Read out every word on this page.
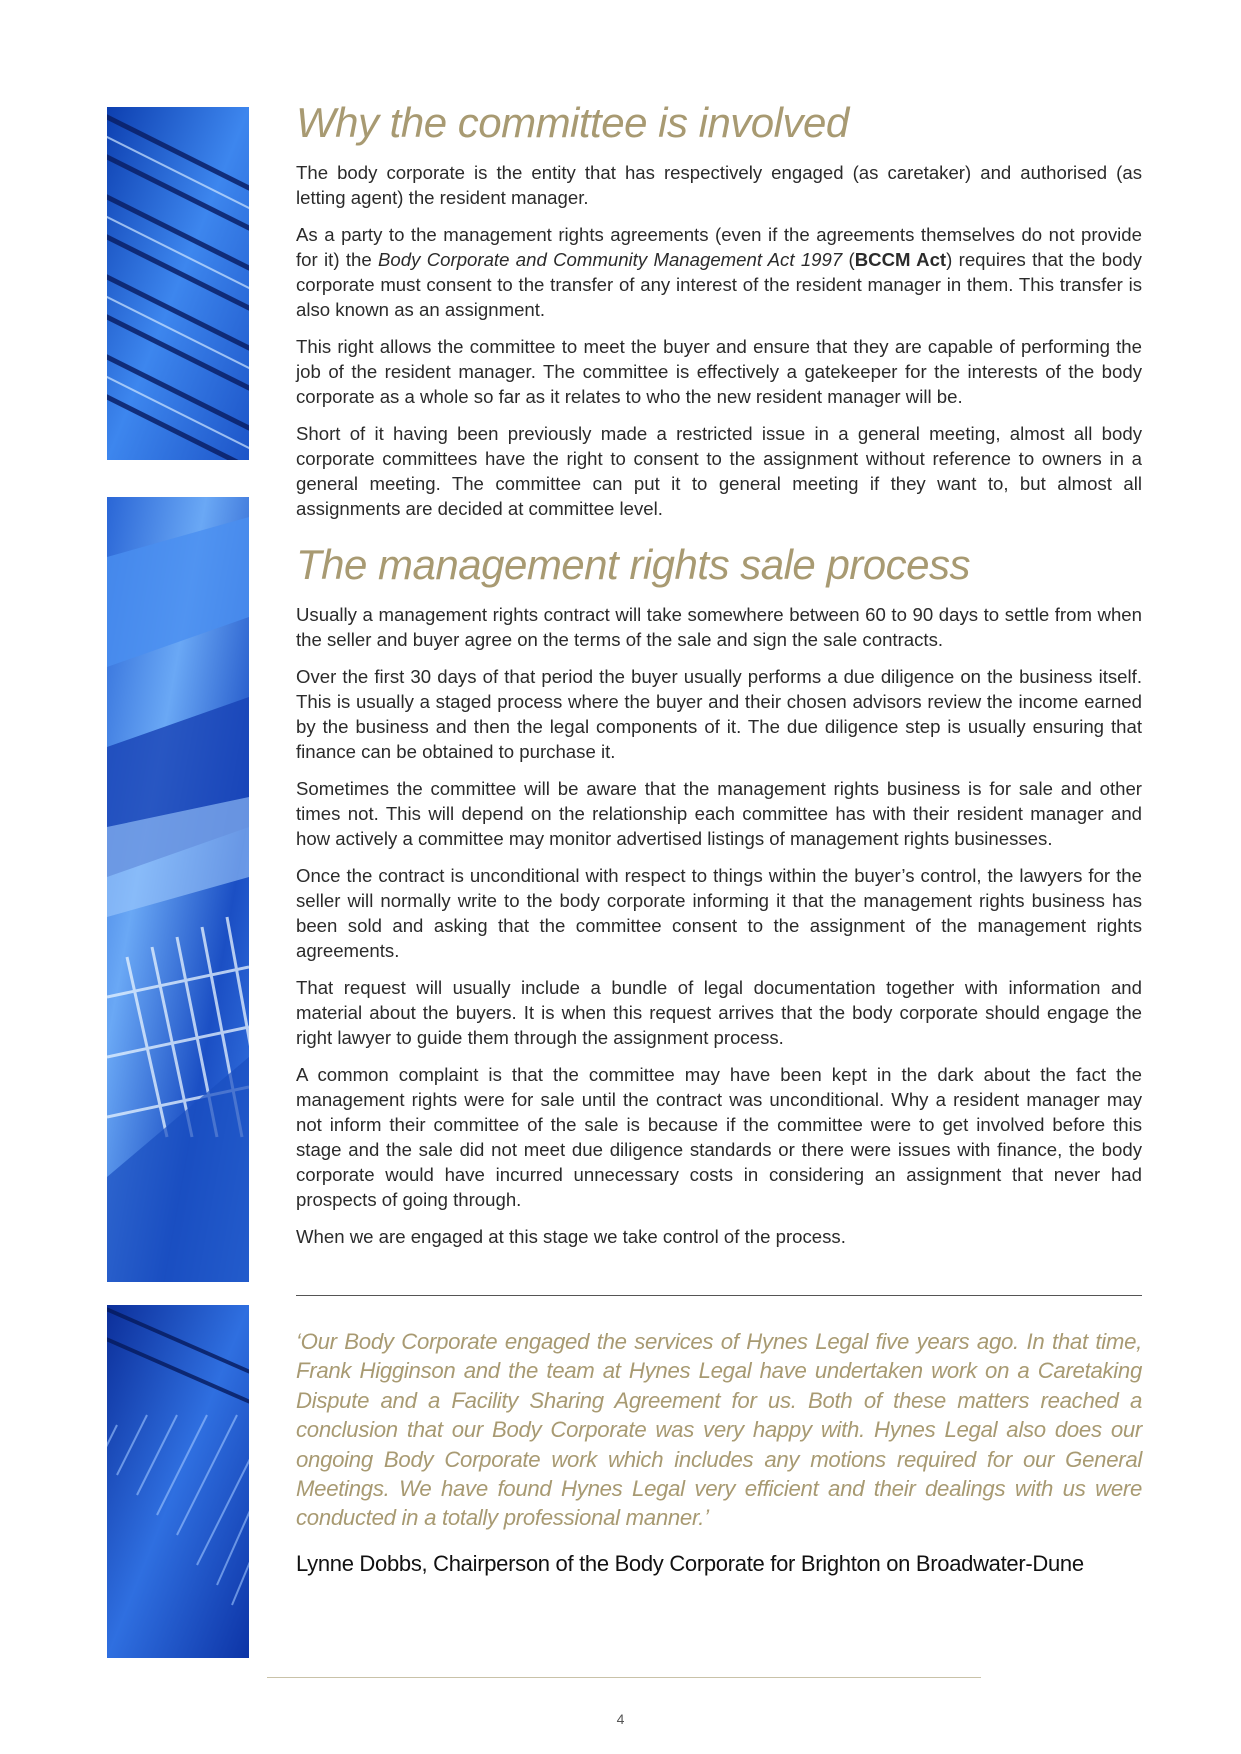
Why the committee is involved

The body corporate is the entity that has respectively engaged (as caretaker) and authorised (as letting agent) the resident manager.

As a party to the management rights agreements (even if the agreements themselves do not provide for it) the Body Corporate and Community Management Act 1997 (BCCM Act) requires that the body corporate must consent to the transfer of any interest of the resident manager in them. This transfer is also known as an assignment.

This right allows the committee to meet the buyer and ensure that they are capable of performing the job of the resident manager. The committee is effectively a gatekeeper for the interests of the body corporate as a whole so far as it relates to who the new resident manager will be.

Short of it having been previously made a restricted issue in a general meeting, almost all body corporate committees have the right to consent to the assignment without reference to owners in a general meeting. The committee can put it to general meeting if they want to, but almost all assignments are decided at committee level.

The management rights sale process

Usually a management rights contract will take somewhere between 60 to 90 days to settle from when the seller and buyer agree on the terms of the sale and sign the sale contracts.

Over the first 30 days of that period the buyer usually performs a due diligence on the business itself. This is usually a staged process where the buyer and their chosen advisors review the income earned by the business and then the legal components of it. The due diligence step is usually ensuring that finance can be obtained to purchase it.

Sometimes the committee will be aware that the management rights business is for sale and other times not. This will depend on the relationship each committee has with their resident manager and how actively a committee may monitor advertised listings of management rights businesses.

Once the contract is unconditional with respect to things within the buyer’s control, the lawyers for the seller will normally write to the body corporate informing it that the management rights business has been sold and asking that the committee consent to the assignment of the management rights agreements.

That request will usually include a bundle of legal documentation together with information and material about the buyers. It is when this request arrives that the body corporate should engage the right lawyer to guide them through the assignment process.

A common complaint is that the committee may have been kept in the dark about the fact the management rights were for sale until the contract was unconditional. Why a resident manager may not inform their committee of the sale is because if the committee were to get involved before this stage and the sale did not meet due diligence standards or there were issues with finance, the body corporate would have incurred unnecessary costs in considering an assignment that never had prospects of going through.

When we are engaged at this stage we take control of the process.

‘Our Body Corporate engaged the services of Hynes Legal five years ago. In that time, Frank Higginson and the team at Hynes Legal have undertaken work on a Caretaking Dispute and a Facility Sharing Agreement for us. Both of these matters reached a conclusion that our Body Corporate was very happy with. Hynes Legal also does our ongoing Body Corporate work which includes any motions required for our General Meetings. We have found Hynes Legal very efficient and their dealings with us were conducted in a totally professional manner.’
Lynne Dobbs, Chairperson of the Body Corporate for Brighton on Broadwater-Dune
4
